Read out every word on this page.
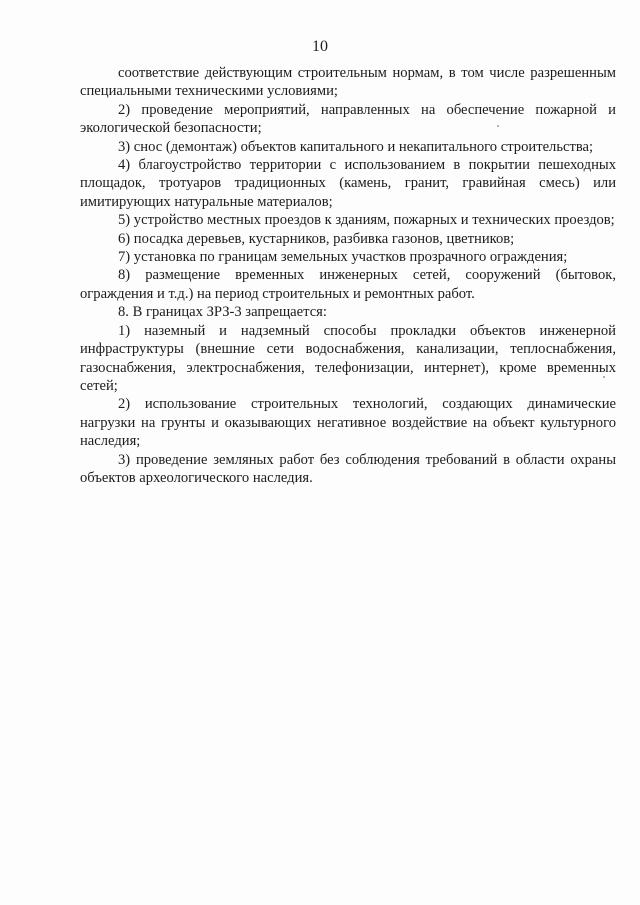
10

соответствие действующим строительным нормам, в том числе разрешенным специальными техническими условиями;

2) проведение мероприятий, направленных на обеспечение пожарной и экологической безопасности;

3) снос (демонтаж) объектов капитального и некапитального строительства;

4) благоустройство территории с использованием в покрытии пешеходных площадок, тротуаров традиционных (камень, гранит, гравийная смесь) или имитирующих натуральные материалов;

5) устройство местных проездов к зданиям, пожарных и технических проездов;

6) посадка деревьев, кустарников, разбивка газонов, цветников;

7) установка по границам земельных участков прозрачного ограждения;

8) размещение временных инженерных сетей, сооружений (бытовок, ограждения и т.д.) на период строительных и ремонтных работ.

8. В границах ЗРЗ-3 запрещается:

1) наземный и надземный способы прокладки объектов инженерной инфраструктуры (внешние сети водоснабжения, канализации, теплоснабжения, газоснабжения, электроснабжения, телефонизации, интернет), кроме временных сетей;

2) использование строительных технологий, создающих динамические нагрузки на грунты и оказывающих негативное воздействие на объект культурного наследия;

3) проведение земляных работ без соблюдения требований в области охраны объектов археологического наследия.
